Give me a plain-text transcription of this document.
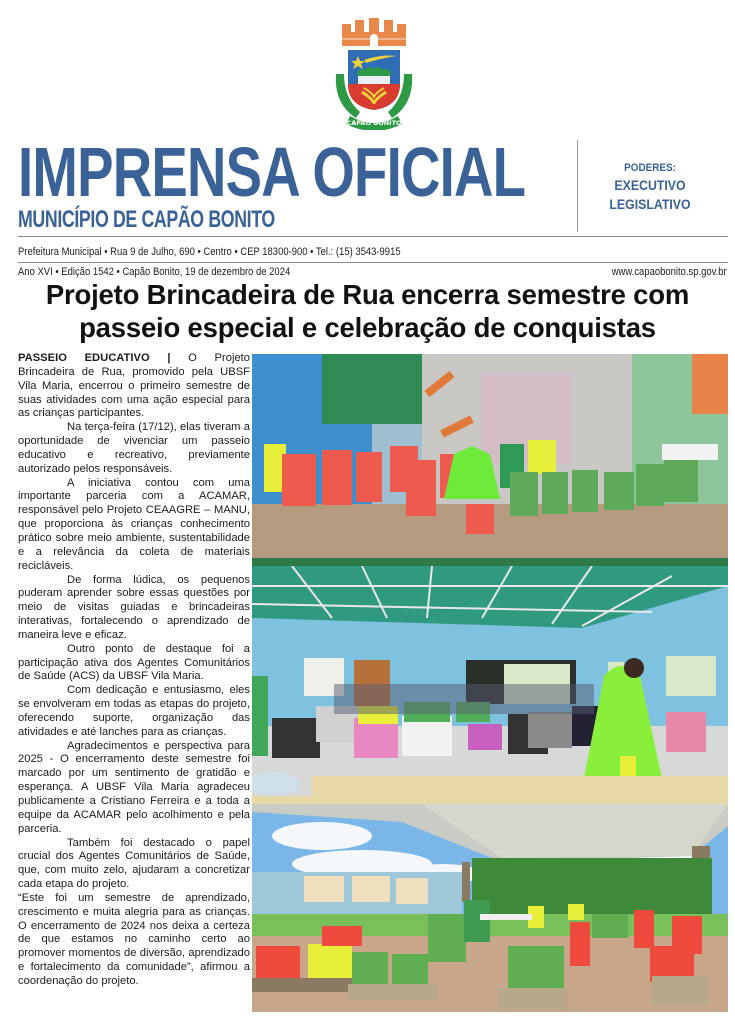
CAPÃO BONITO
IMPRENSA OFICIAL
MUNICÍPIO DE CAPÃO BONITO
PODERES:
EXECUTIVO
LEGISLATIVO
Prefeitura Municipal • Rua 9 de Julho, 690 • Centro • CEP 18300-900 • Tel.: (15) 3543-9915
Ano XVI • Edição 1542 • Capão Bonito, 19 de dezembro de 2024	www.capaobonito.sp.gov.br
Projeto Brincadeira de Rua encerra semestre com
passeio especial e celebração de conquistas

PASSEIO EDUCATIVO | O Projeto Brincadeira de Rua, promovido pela UBSF Vila Maria, encerrou o primeiro semestre de suas atividades com uma ação especial para as crianças participantes.

Na terça-feira (17/12), elas tiveram a oportunidade de vivenciar um passeio educativo e recreativo, previamente autorizado pelos responsáveis.

A iniciativa contou com uma importante parceria com a ACAMAR, responsável pelo Projeto CEAAGRE – MANU, que proporciona às crianças conhecimento prático sobre meio ambiente, sustentabilidade e a relevância da coleta de materiais recicláveis.

De forma lúdica, os pequenos puderam aprender sobre essas questões por meio de visitas guiadas e brincadeiras interativas, fortalecendo o aprendizado de maneira leve e eficaz.

Outro ponto de destaque foi a participação ativa dos Agentes Comunitários de Saúde (ACS) da UBSF Vila Maria.

Com dedicação e entusiasmo, eles se envolveram em todas as etapas do projeto, oferecendo suporte, organização das atividades e até lanches para as crianças.

Agradecimentos e perspectiva para 2025 - O encerramento deste semestre foi marcado por um sentimento de gratidão e esperança. A UBSF Vila Maria agradeceu publicamente a Cristiano Ferreira e a toda a equipe da ACAMAR pelo acolhimento e pela parceria.

Também foi destacado o papel crucial dos Agentes Comunitários de Saúde, que, com muito zelo, ajudaram a concretizar cada etapa do projeto.

“Este foi um semestre de aprendizado, crescimento e muita alegria para as crianças. O encerramento de 2024 nos deixa a certeza de que estamos no caminho certo ao promover momentos de diversão, aprendizado e fortalecimento da comunidade”, afirmou a coordenação do projeto.
